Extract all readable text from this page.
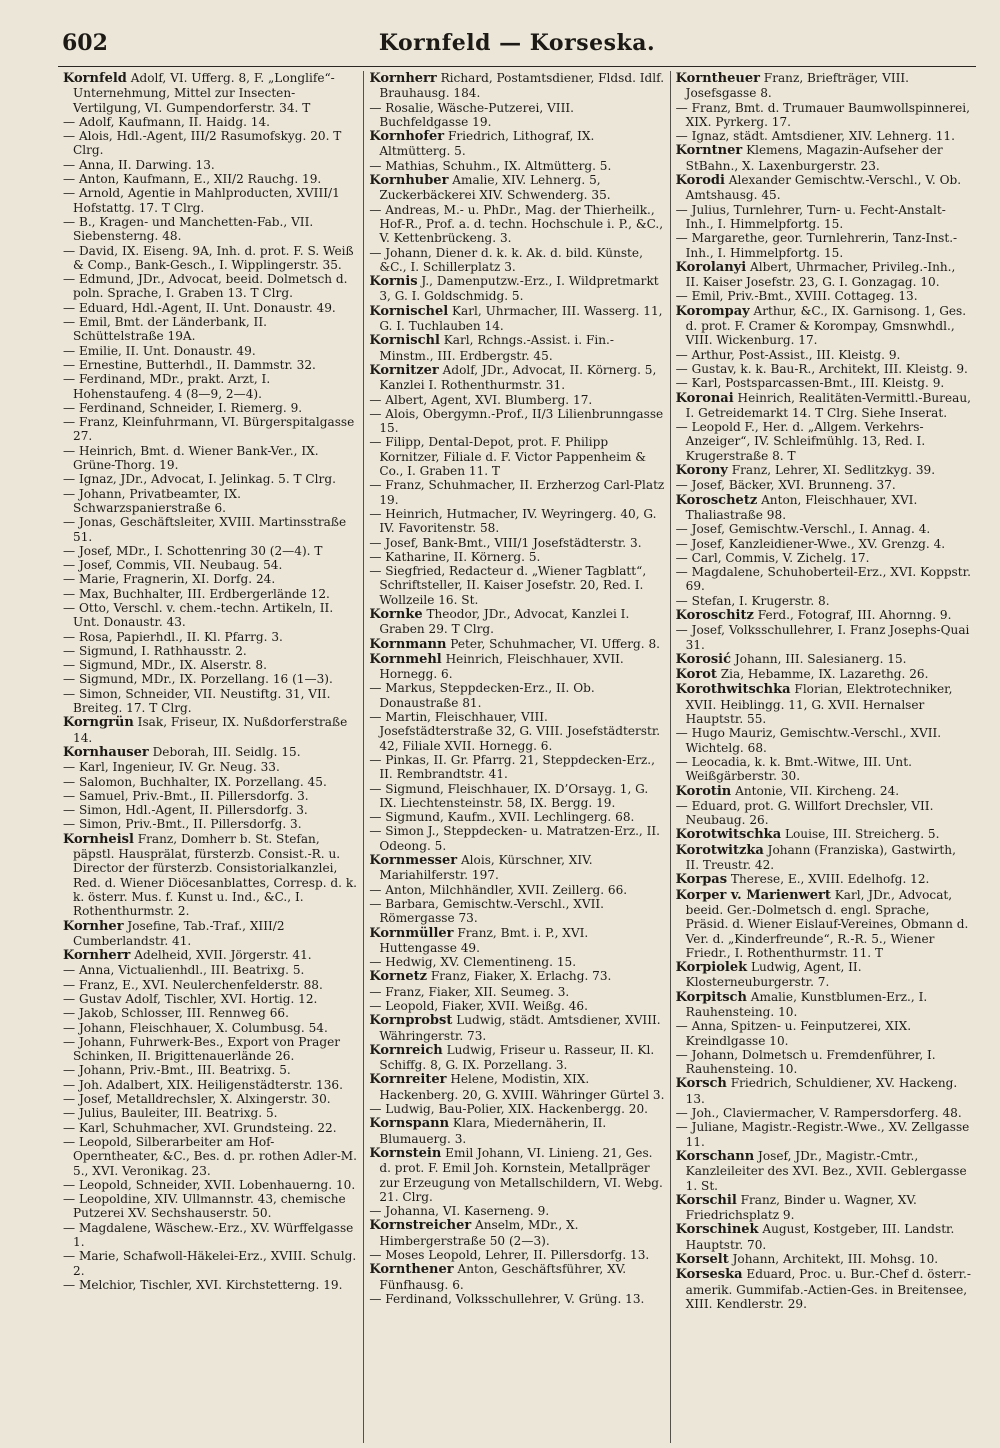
602	Kornfeld — Korseska.

Kornfeld Adolf, VI. Ufferg. 8, F. „Longlife“-Unternehmung, Mittel zur Insecten-Vertilgung, VI. Gumpendorferstr. 34. T

— Adolf, Kaufmann, II. Haidg. 14.

— Alois, Hdl.-Agent, III/2 Rasumofskyg. 20. T Clrg.

— Anna, II. Darwing. 13.

— Anton, Kaufmann, E., XII/2 Rauchg. 19.

— Arnold, Agentie in Mahlproducten, XVIII/1 Hofstattg. 17. T Clrg.

— B., Kragen- und Manchetten-Fab., VII. Siebensterng. 48.

— David, IX. Eiseng. 9A, Inh. d. prot. F. S. Weiß & Comp., Bank-Gesch., I. Wipplingerstr. 35.

— Edmund, JDr., Advocat, beeid. Dolmetsch d. poln. Sprache, I. Graben 13. T Clrg.

— Eduard, Hdl.-Agent, II. Unt. Donaustr. 49.

— Emil, Bmt. der Länderbank, II. Schüttelstraße 19A.

— Emilie, II. Unt. Donaustr. 49.

— Ernestine, Butterhdl., II. Dammstr. 32.

— Ferdinand, MDr., prakt. Arzt, I. Hohenstaufeng. 4 (8—9, 2—4).

— Ferdinand, Schneider, I. Riemerg. 9.

— Franz, Kleinfuhrmann, VI. Bürgerspitalgasse 27.

— Heinrich, Bmt. d. Wiener Bank-Ver., IX. Grüne-Thorg. 19.

— Ignaz, JDr., Advocat, I. Jelinkag. 5. T Clrg.

— Johann, Privatbeamter, IX. Schwarzspanierstraße 6.

— Jonas, Geschäftsleiter, XVIII. Martinsstraße 51.

— Josef, MDr., I. Schottenring 30 (2—4). T

— Josef, Commis, VII. Neubaug. 54.

— Marie, Fragnerin, XI. Dorfg. 24.

— Max, Buchhalter, III. Erdbergerlände 12.

— Otto, Verschl. v. chem.-techn. Artikeln, II. Unt. Donaustr. 43.

— Rosa, Papierhdl., II. Kl. Pfarrg. 3.

— Sigmund, I. Rathhausstr. 2.

— Sigmund, MDr., IX. Alserstr. 8.

— Sigmund, MDr., IX. Porzellang. 16 (1—3).

— Simon, Schneider, VII. Neustiftg. 31, VII. Breiteg. 17. T Clrg.

Korngrün Isak, Friseur, IX. Nußdorferstraße 14.

Kornhauser Deborah, III. Seidlg. 15.

— Karl, Ingenieur, IV. Gr. Neug. 33.

— Salomon, Buchhalter, IX. Porzellang. 45.

— Samuel, Priv.-Bmt., II. Pillersdorfg. 3.

— Simon, Hdl.-Agent, II. Pillersdorfg. 3.

— Simon, Priv.-Bmt., II. Pillersdorfg. 3.

Kornheisl Franz, Domherr b. St. Stefan, päpstl. Hausprälat, fürsterzb. Consist.-R. u. Director der fürsterzb. Consistorialkanzlei, Red. d. Wiener Diöcesanblattes, Corresp. d. k. k. österr. Mus. f. Kunst u. Ind., &C., I. Rothenthurmstr. 2.

Kornher Josefine, Tab.-Traf., XIII/2 Cumberlandstr. 41.

Kornherr Adelheid, XVII. Jörgerstr. 41.

— Anna, Victualienhdl., III. Beatrixg. 5.

— Franz, E., XVI. Neulerchenfelderstr. 88.

— Gustav Adolf, Tischler, XVI. Hortig. 12.

— Jakob, Schlosser, III. Rennweg 66.

— Johann, Fleischhauer, X. Columbusg. 54.

— Johann, Fuhrwerk-Bes., Export von Prager Schinken, II. Brigittenauerlände 26.

— Johann, Priv.-Bmt., III. Beatrixg. 5.

— Joh. Adalbert, XIX. Heiligenstädterstr. 136.

— Josef, Metalldrechsler, X. Alxingerstr. 30.

— Julius, Bauleiter, III. Beatrixg. 5.

— Karl, Schuhmacher, XVI. Grundsteing. 22.

— Leopold, Silberarbeiter am Hof-Operntheater, &C., Bes. d. pr. rothen Adler-M. 5., XVI. Veronikag. 23.

— Leopold, Schneider, XVII. Lobenhauerng. 10.

— Leopoldine, XIV. Ullmannstr. 43, chemische Putzerei XV. Sechshauserstr. 50.

— Magdalene, Wäschew.-Erz., XV. Würffelgasse 1.

— Marie, Schafwoll-Häkelei-Erz., XVIII. Schulg. 2.

— Melchior, Tischler, XVI. Kirchstetterng. 19.

Kornherr Richard, Postamtsdiener, Fldsd. Idlf. Brauhausg. 184.

— Rosalie, Wäsche-Putzerei, VIII. Buchfeldgasse 19.

Kornhofer Friedrich, Lithograf, IX. Altmütterg. 5.

— Mathias, Schuhm., IX. Altmütterg. 5.

Kornhuber Amalie, XIV. Lehnerg. 5, Zuckerbäckerei XIV. Schwenderg. 35.

— Andreas, M.- u. PhDr., Mag. der Thierheilk., Hof-R., Prof. a. d. techn. Hochschule i. P., &C., V. Kettenbrückeng. 3.

— Johann, Diener d. k. k. Ak. d. bild. Künste, &C., I. Schillerplatz 3.

Kornis J., Damenputzw.-Erz., I. Wildpretmarkt 3, G. I. Goldschmidg. 5.

Kornischel Karl, Uhrmacher, III. Wasserg. 11, G. I. Tuchlauben 14.

Kornischl Karl, Rchngs.-Assist. i. Fin.-Minstm., III. Erdbergstr. 45.

Kornitzer Adolf, JDr., Advocat, II. Körnerg. 5, Kanzlei I. Rothenthurmstr. 31.

— Albert, Agent, XVI. Blumberg. 17.

— Alois, Obergymn.-Prof., II/3 Lilienbrunngasse 15.

— Filipp, Dental-Depot, prot. F. Philipp Kornitzer, Filiale d. F. Victor Pappenheim & Co., I. Graben 11. T

— Franz, Schuhmacher, II. Erzherzog Carl-Platz 19.

— Heinrich, Hutmacher, IV. Weyringerg. 40, G. IV. Favoritenstr. 58.

— Josef, Bank-Bmt., VIII/1 Josefstädterstr. 3.

— Katharine, II. Körnerg. 5.

— Siegfried, Redacteur d. „Wiener Tagblatt“, Schriftsteller, II. Kaiser Josefstr. 20, Red. I. Wollzeile 16. St.

Kornke Theodor, JDr., Advocat, Kanzlei I. Graben 29. T Clrg.

Kornmann Peter, Schuhmacher, VI. Ufferg. 8.

Kornmehl Heinrich, Fleischhauer, XVII. Hornegg. 6.

— Markus, Steppdecken-Erz., II. Ob. Donaustraße 81.

— Martin, Fleischhauer, VIII. Josefstädterstraße 32, G. VIII. Josefstädterstr. 42, Filiale XVII. Hornegg. 6.

— Pinkas, II. Gr. Pfarrg. 21, Steppdecken-Erz., II. Rembrandtstr. 41.

— Sigmund, Fleischhauer, IX. D’Orsayg. 1, G. IX. Liechtensteinstr. 58, IX. Bergg. 19.

— Sigmund, Kaufm., XVII. Lechlingerg. 68.

— Simon J., Steppdecken- u. Matratzen-Erz., II. Odeong. 5.

Kornmesser Alois, Kürschner, XIV. Mariahilferstr. 197.

— Anton, Milchhändler, XVII. Zeillerg. 66.

— Barbara, Gemischtw.-Verschl., XVII. Römergasse 73.

Kornmüller Franz, Bmt. i. P., XVI. Huttengasse 49.

— Hedwig, XV. Clementineng. 15.

Kornetz Franz, Fiaker, X. Erlachg. 73.

— Franz, Fiaker, XII. Seumeg. 3.

— Leopold, Fiaker, XVII. Weißg. 46.

Kornprobst Ludwig, städt. Amtsdiener, XVIII. Währingerstr. 73.

Kornreich Ludwig, Friseur u. Rasseur, II. Kl. Schiffg. 8, G. IX. Porzellang. 3.

Kornreiter Helene, Modistin, XIX. Hackenberg. 20, G. XVIII. Währinger Gürtel 3.

— Ludwig, Bau-Polier, XIX. Hackenbergg. 20.

Kornspann Klara, Miedernäherin, II. Blumauerg. 3.

Kornstein Emil Johann, VI. Linieng. 21, Ges. d. prot. F. Emil Joh. Kornstein, Metallpräger zur Erzeugung von Metallschildern, VI. Webg. 21. Clrg.

— Johanna, VI. Kaserneng. 9.

Kornstreicher Anselm, MDr., X. Himbergerstraße 50 (2—3).

— Moses Leopold, Lehrer, II. Pillersdorfg. 13.

Kornthener Anton, Geschäftsführer, XV. Fünfhausg. 6.

— Ferdinand, Volksschullehrer, V. Grüng. 13.

Korntheuer Franz, Briefträger, VIII. Josefsgasse 8.

— Franz, Bmt. d. Trumauer Baumwollspinnerei, XIX. Pyrkerg. 17.

— Ignaz, städt. Amtsdiener, XIV. Lehnerg. 11.

Korntner Klemens, Magazin-Aufseher der StBahn., X. Laxenburgerstr. 23.

Korodi Alexander Gemischtw.-Verschl., V. Ob. Amtshausg. 45.

— Julius, Turnlehrer, Turn- u. Fecht-Anstalt-Inh., I. Himmelpfortg. 15.

— Margarethe, geor. Turnlehrerin, Tanz-Inst.-Inh., I. Himmelpfortg. 15.

Korolanyi Albert, Uhrmacher, Privileg.-Inh., II. Kaiser Josefstr. 23, G. I. Gonzagag. 10.

— Emil, Priv.-Bmt., XVIII. Cottageg. 13.

Korompay Arthur, &C., IX. Garnisong. 1, Ges. d. prot. F. Cramer & Korompay, Gmsnwhdl., VIII. Wickenburg. 17.

— Arthur, Post-Assist., III. Kleistg. 9.

— Gustav, k. k. Bau-R., Architekt, III. Kleistg. 9.

— Karl, Postsparcassen-Bmt., III. Kleistg. 9.

Koronai Heinrich, Realitäten-Vermittl.-Bureau, I. Getreidemarkt 14. T Clrg. Siehe Inserat.

— Leopold F., Her. d. „Allgem. Verkehrs-Anzeiger“, IV. Schleifmühlg. 13, Red. I. Krugerstraße 8. T

Korony Franz, Lehrer, XI. Sedlitzkyg. 39.

— Josef, Bäcker, XVI. Brunneng. 37.

Koroschetz Anton, Fleischhauer, XVI. Thaliastraße 98.

— Josef, Gemischtw.-Verschl., I. Annag. 4.

— Josef, Kanzleidiener-Wwe., XV. Grenzg. 4.

— Carl, Commis, V. Zichelg. 17.

— Magdalene, Schuhoberteil-Erz., XVI. Koppstr. 69.

— Stefan, I. Krugerstr. 8.

Koroschitz Ferd., Fotograf, III. Ahornng. 9.

— Josef, Volksschullehrer, I. Franz Josephs-Quai 31.

Korosić Johann, III. Salesianerg. 15.

Korot Zia, Hebamme, IX. Lazarethg. 26.

Korothwitschka Florian, Elektrotechniker, XVII. Heiblingg. 11, G. XVII. Hernalser Hauptstr. 55.

— Hugo Mauriz, Gemischtw.-Verschl., XVII. Wichtelg. 68.

— Leocadia, k. k. Bmt.-Witwe, III. Unt. Weißgärberstr. 30.

Korotin Antonie, VII. Kircheng. 24.

— Eduard, prot. G. Willfort Drechsler, VII. Neubaug. 26.

Korotwitschka Louise, III. Streicherg. 5.

Korotwitzka Johann (Franziska), Gastwirth, II. Treustr. 42.

Korpas Therese, E., XVIII. Edelhofg. 12.

Korper v. Marienwert Karl, JDr., Advocat, beeid. Ger.-Dolmetsch d. engl. Sprache, Präsid. d. Wiener Eislauf-Vereines, Obmann d. Ver. d. „Kinderfreunde“, R.-R. 5., Wiener Friedr., I. Rothenthurmstr. 11. T

Korpiolek Ludwig, Agent, II. Klosterneuburgerstr. 7.

Korpitsch Amalie, Kunstblumen-Erz., I. Rauhensteing. 10.

— Anna, Spitzen- u. Feinputzerei, XIX. Kreindlgasse 10.

— Johann, Dolmetsch u. Fremdenführer, I. Rauhensteing. 10.

Korsch Friedrich, Schuldiener, XV. Hackeng. 13.

— Joh., Claviermacher, V. Rampersdorferg. 48.

— Juliane, Magistr.-Registr.-Wwe., XV. Zellgasse 11.

Korschann Josef, JDr., Magistr.-Cmtr., Kanzleileiter des XVI. Bez., XVII. Geblergasse 1. St.

Korschil Franz, Binder u. Wagner, XV. Friedrichsplatz 9.

Korschinek August, Kostgeber, III. Landstr. Hauptstr. 70.

Korselt Johann, Architekt, III. Mohsg. 10.

Korseska Eduard, Proc. u. Bur.-Chef d. österr.-amerik. Gummifab.-Actien-Ges. in Breitensee, XIII. Kendlerstr. 29.
